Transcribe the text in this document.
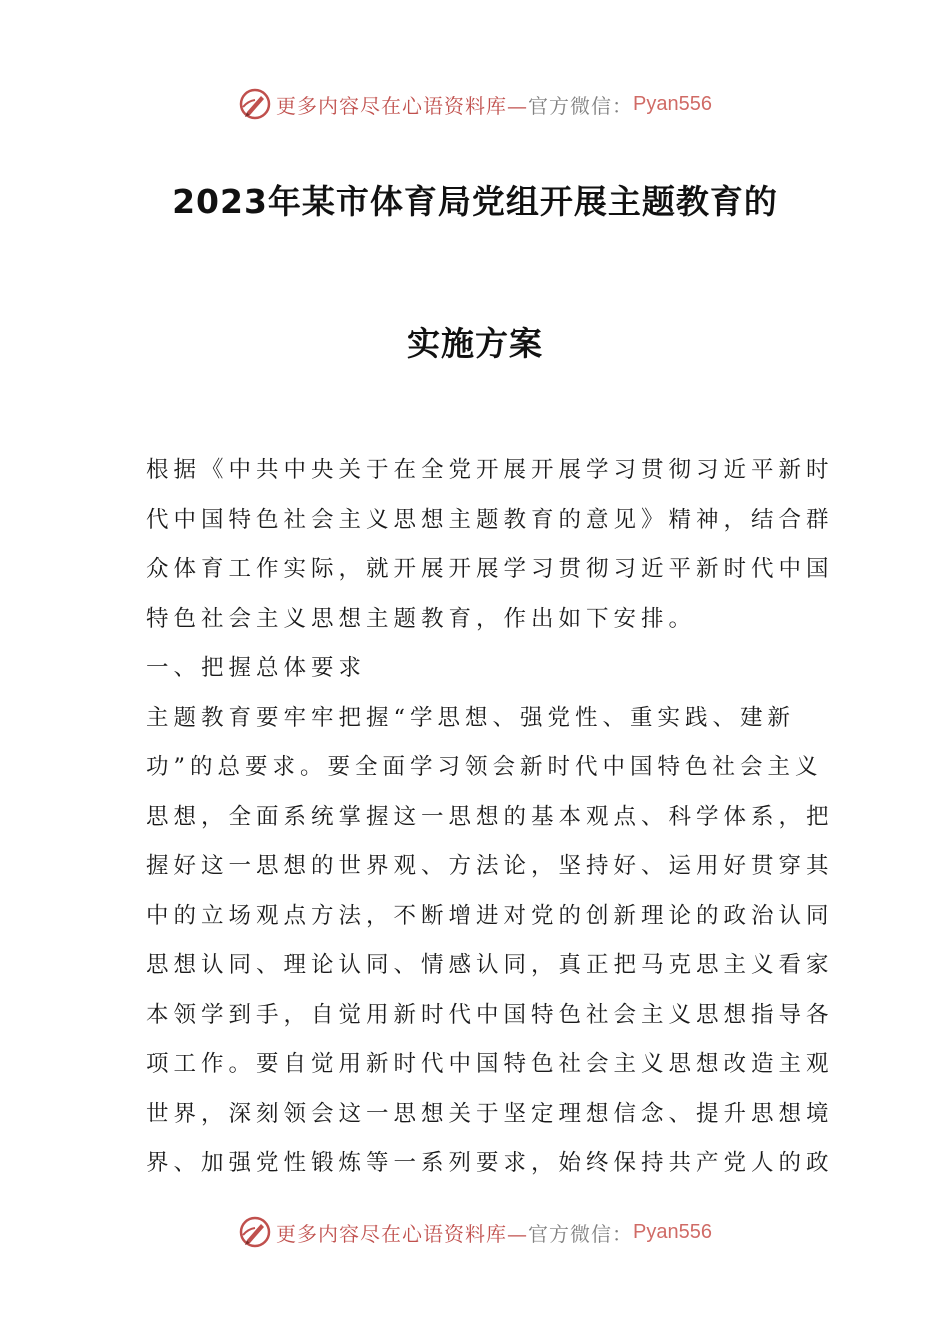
更多内容尽在心语资料库— 官方微信： Pyan556
2023年某市体育局党组开展主题教育的
实施方案
根据《中共中央关于在全党开展开展学习贯彻习近平新时
代中国特色社会主义思想主题教育的意见》精神，结合群
众体育工作实际，就开展开展学习贯彻习近平新时代中国
特色社会主义思想主题教育，作出如下安排。
一、把握总体要求
主题教育要牢牢把握“学思想、强党性、重实践、建新
功”的总要求。要全面学习领会新时代中国特色社会主义
思想，全面系统掌握这一思想的基本观点、科学体系，把
握好这一思想的世界观、方法论，坚持好、运用好贯穿其
中的立场观点方法，不断增进对党的创新理论的政治认同
思想认同、理论认同、情感认同，真正把马克思主义看家
本领学到手，自觉用新时代中国特色社会主义思想指导各
项工作。要自觉用新时代中国特色社会主义思想改造主观
世界，深刻领会这一思想关于坚定理想信念、提升思想境
界、加强党性锻炼等一系列要求，始终保持共产党人的政
更多内容尽在心语资料库— 官方微信： Pyan556
